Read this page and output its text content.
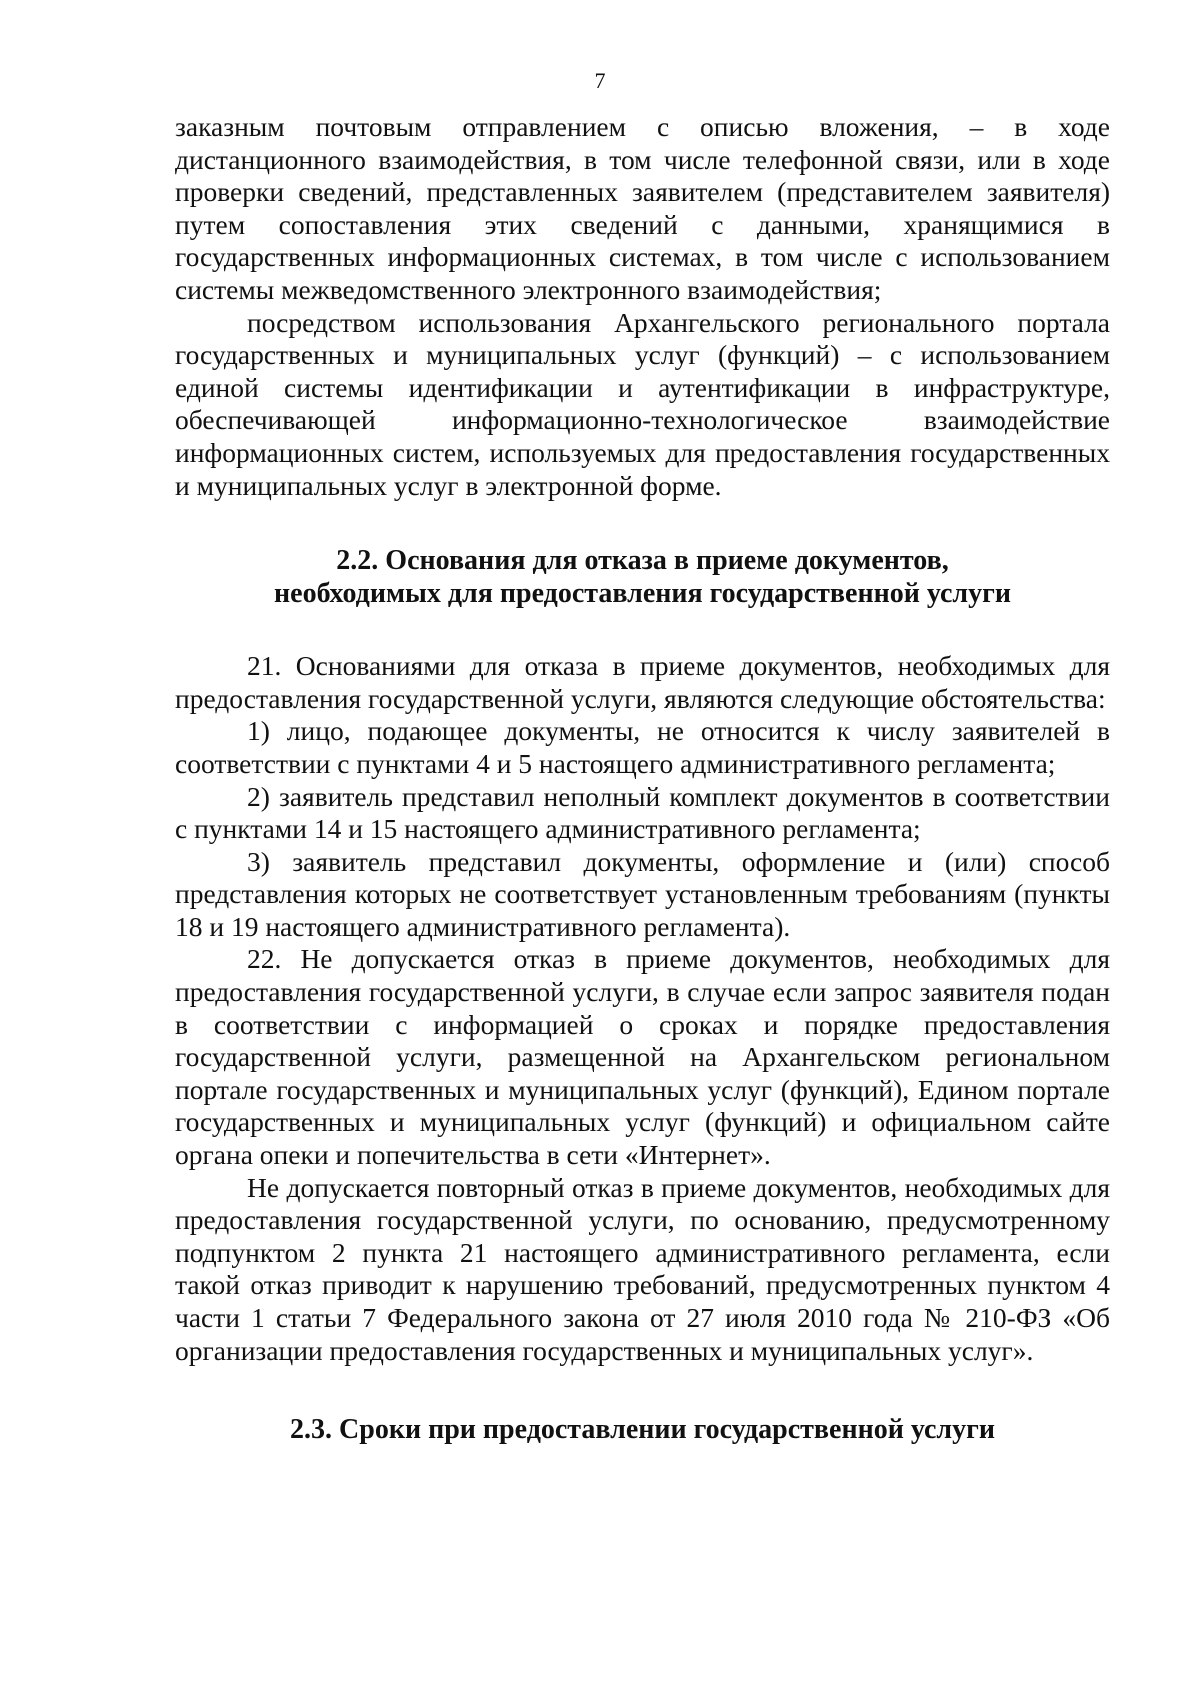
7

заказным почтовым отправлением с описью вложения, – в ходе дистанционного взаимодействия, в том числе телефонной связи, или в ходе проверки сведений, представленных заявителем (представителем заявителя) путем сопоставления этих сведений с данными, хранящимися в государственных информационных системах, в том числе с использованием системы межведомственного электронного взаимодействия;

посредством использования Архангельского регионального портала государственных и муниципальных услуг (функций) – с использованием единой системы идентификации и аутентификации в инфраструктуре, обеспечивающей информационно-технологическое взаимодействие информационных систем, используемых для предоставления государственных и муниципальных услуг в электронной форме.

2.2. Основания для отказа в приеме документов,
необходимых для предоставления государственной услуги

21. Основаниями для отказа в приеме документов, необходимых для предоставления государственной услуги, являются следующие обстоятельства:

1) лицо, подающее документы, не относится к числу заявителей в соответствии с пунктами 4 и 5 настоящего административного регламента;

2) заявитель представил неполный комплект документов в соответствии с пунктами 14 и 15 настоящего административного регламента;

3) заявитель представил документы, оформление и (или) способ представления которых не соответствует установленным требованиям (пункты 18 и 19 настоящего административного регламента).

22. Не допускается отказ в приеме документов, необходимых для предоставления государственной услуги, в случае если запрос заявителя подан в соответствии с информацией о сроках и порядке предоставления государственной услуги, размещенной на Архангельском региональном портале государственных и муниципальных услуг (функций), Едином портале государственных и муниципальных услуг (функций) и официальном сайте органа опеки и попечительства в сети «Интернет».

Не допускается повторный отказ в приеме документов, необходимых для предоставления государственной услуги, по основанию, предусмотренному подпунктом 2 пункта 21 настоящего административного регламента, если такой отказ приводит к нарушению требований, предусмотренных пунктом 4 части 1 статьи 7 Федерального закона от 27 июля 2010 года № 210-ФЗ «Об организации предоставления государственных и муниципальных услуг».

2.3. Сроки при предоставлении государственной услуги
